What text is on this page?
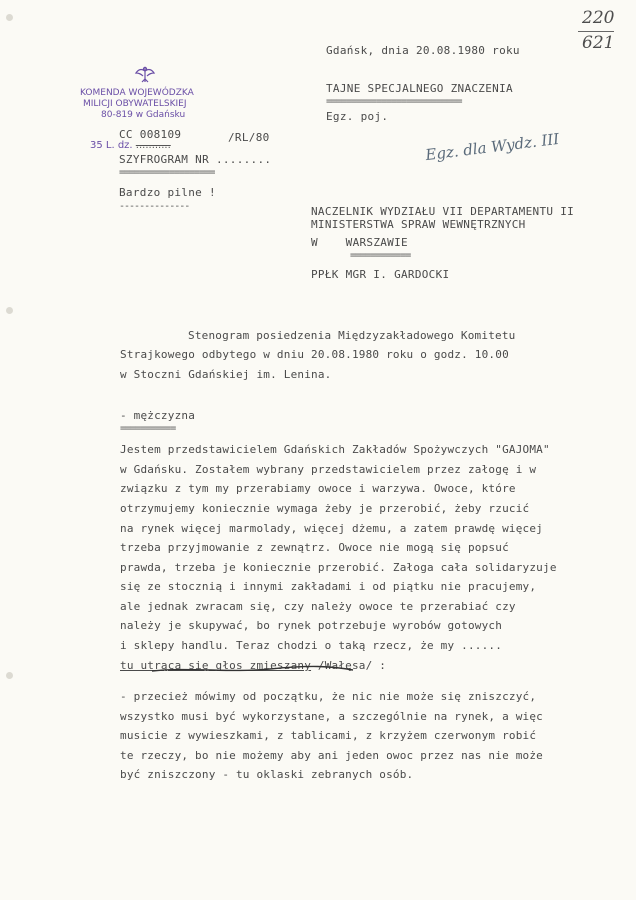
220
621
Gdańsk, dnia 20.08.1980 roku
TAJNE SPECJALNEGO ZNACZENIA
===========================
Egz. poj.
Egz. dla Wydz. III
KOMENDA WOJEWÓDZKA
MILICJI OBYWATELSKIEJ
80-819 w Gdańsku
CC 008109	/RL/80
35 L. dz. ...........
SZYFROGRAM NR ........
===================
Bardzo pilne !
--------------	NACZELNIK WYDZIAŁU VII DEPARTAMENTU II
MINISTERSTWA SPRAW WEWNĘTRZNYCH
W	WARSZAWIE
============
PPŁK MGR I. GARDOCKI
Stenogram posiedzenia Międzyzakładowego Komitetu
Strajkowego odbytego w dniu 20.08.1980 roku o godz. 10.00
w Stoczni Gdańskiej im. Lenina.
- mężczyzna
===========
Jestem przedstawicielem Gdańskich Zakładów Spożywczych "GAJOMA"
w Gdańsku. Zostałem wybrany przedstawicielem przez załogę i w
związku z tym my przerabiamy owoce i warzywa. Owoce, które
otrzymujemy koniecznie wymaga żeby je przerobić, żeby rzucić
na rynek więcej marmolady, więcej dżemu, a zatem prawdę więcej
trzeba przyjmowanie z zewnątrz. Owoce nie mogą się popsuć
prawda, trzeba je koniecznie przerobić. Załoga cała solidaryzuje
się ze stocznią i innymi zakładami i od piątku nie pracujemy,
ale jednak zwracam się, czy należy owoce te przerabiać czy
należy je skupywać, bo rynek potrzebuje wyrobów gotowych
i sklepy handlu. Teraz chodzi o taką rzecz, że my ......
tu utrąca się głos zmieszany /Wałęsa/ :
- przecież mówimy od początku, że nic nie może się zniszczyć,
wszystko musi być wykorzystane, a szczególnie na rynek, a więc
musicie z wywieszkami, z tablicami, z krzyżem czerwonym robić
te rzeczy, bo nie możemy aby ani jeden owoc przez nas nie może
być zniszczony - tu oklaski zebranych osób.
